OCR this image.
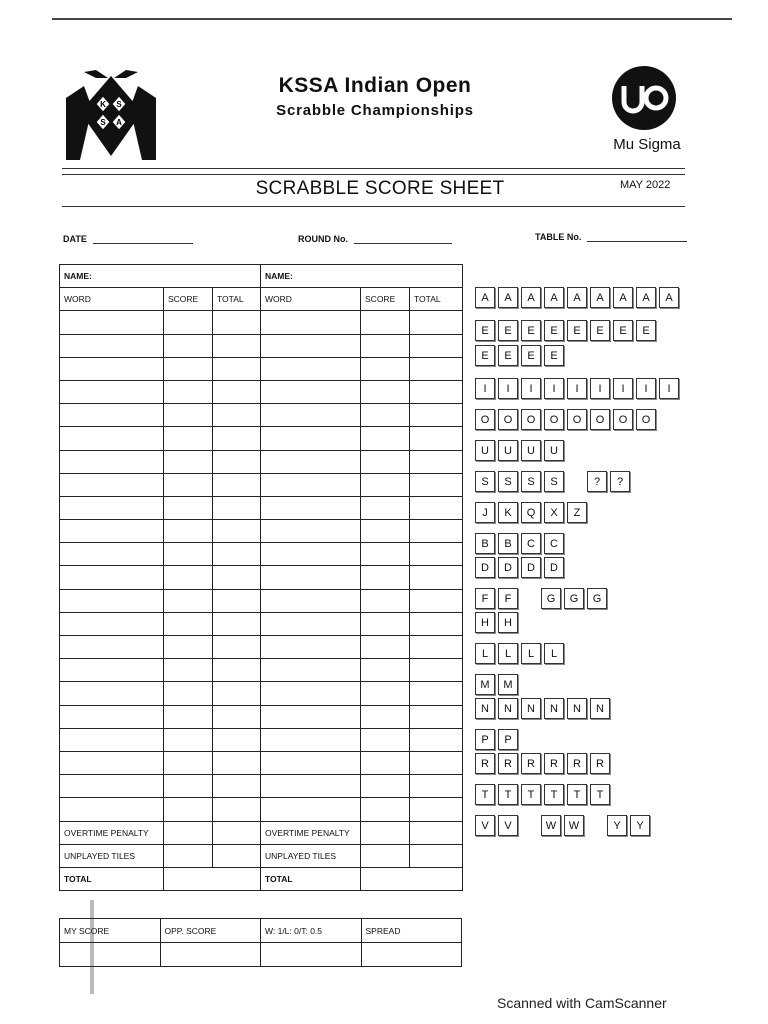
K S
S A
KSSA Indian Open
Scrabble Championships
Mu Sigma
SCRABBLE SCORE SHEET	MAY 2022
DATE	ROUND No.	TABLE No.
NAME:			NAME:		
WORD	SCORE	TOTAL	WORD	SCORE	TOTAL

OVERTIME PENALTY			OVERTIME PENALTY		
UNPLAYED TILES			UNPLAYED TILES		
TOTAL			TOTAL		
MY SCORE	OPP. SCORE	W: 1/L: 0/T: 0.5	SPREAD

A	A	A	A	A	A	A	A	A
E	E	E	E	E	E	E	E
E	E	E	E
I	I	I	I	I	I	I	I	I
O	O	O	O	O	O	O	O
U	U	U	U
S	S	S	S	?	?
J	K	Q	X	Z
B	B	C	C
D	D	D	D
F	F	G	G	G
H	H
L	L	L	L
M	M
N	N	N	N	N	N
P	P
R	R	R	R	R	R
T	T	T	T	T	T
V	V	W	W	Y	Y
Scanned with CamScanner
